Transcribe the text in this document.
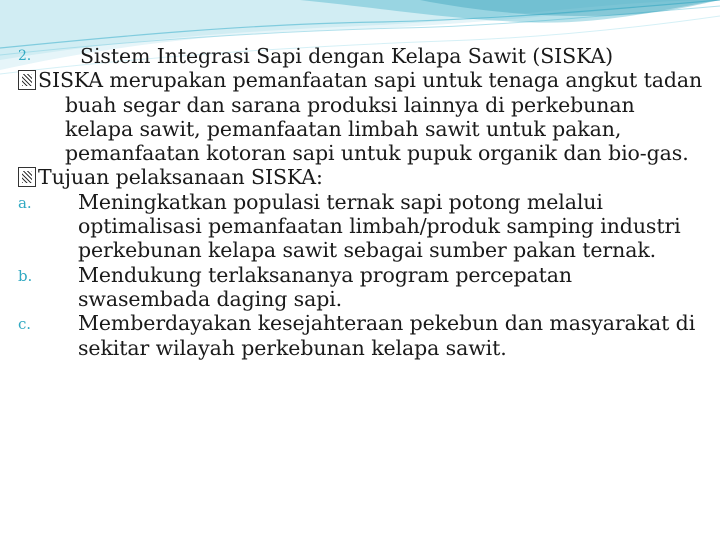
2.	Sistem Integrasi Sapi dengan Kelapa Sawit (SISKA)
SISKA merupakan pemanfaatan sapi untuk tenaga angkut tadan buah segar dan sarana produksi lainnya di perkebunan kelapa sawit, pemanfaatan limbah sawit untuk pakan, pemanfaatan kotoran sapi untuk pupuk organik dan bio-gas.
Tujuan pelaksanaan SISKA:
a.	Meningkatkan populasi ternak sapi potong melalui optimalisasi pemanfaatan limbah/produk samping industri perkebunan kelapa sawit sebagai sumber pakan ternak.
b.	Mendukung terlaksananya program percepatan swasembada daging sapi.
c.	Memberdayakan kesejahteraan pekebun dan masyarakat di sekitar wilayah perkebunan kelapa sawit.
